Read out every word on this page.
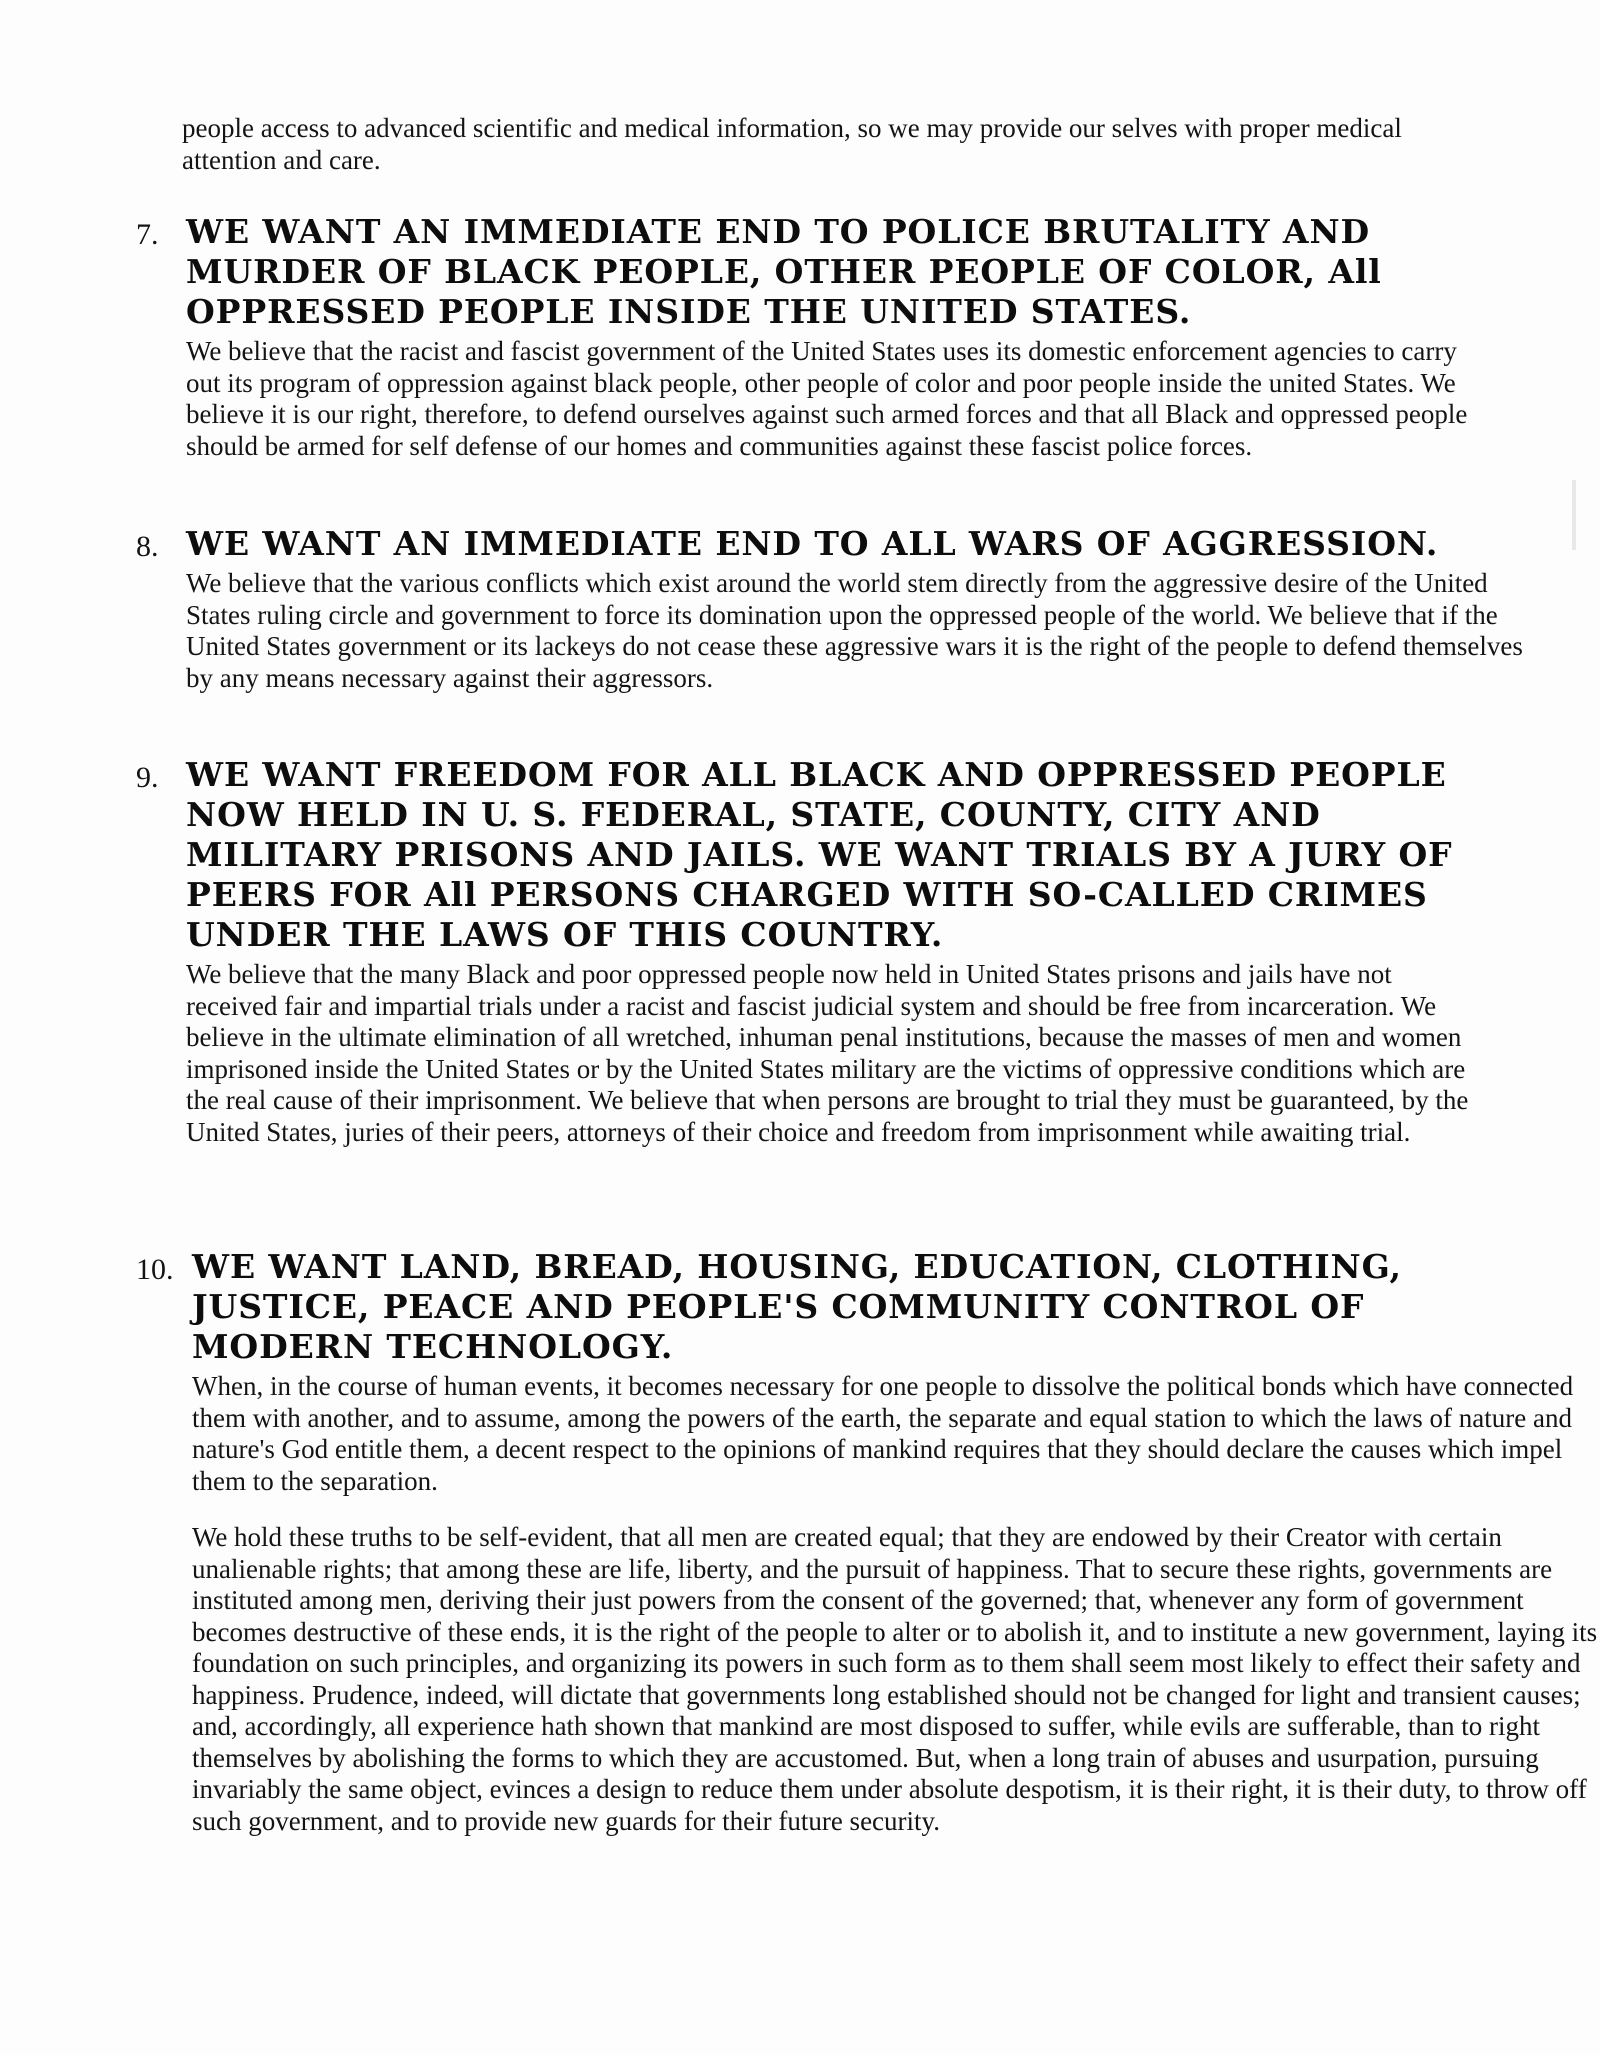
people access to advanced scientific and medical information, so we may provide our selves with proper medical attention and care.

7. WE WANT AN IMMEDIATE END TO POLICE BRUTALITY AND MURDER OF BLACK PEOPLE, OTHER PEOPLE OF COLOR, All OPPRESSED PEOPLE INSIDE THE UNITED STATES.

We believe that the racist and fascist government of the United States uses its domestic enforcement agencies to carry out its program of oppression against black people, other people of color and poor people inside the united States. We believe it is our right, therefore, to defend ourselves against such armed forces and that all Black and oppressed people should be armed for self defense of our homes and communities against these fascist police forces.

8. WE WANT AN IMMEDIATE END TO ALL WARS OF AGGRESSION.

We believe that the various conflicts which exist around the world stem directly from the aggressive desire of the United States ruling circle and government to force its domination upon the oppressed people of the world. We believe that if the United States government or its lackeys do not cease these aggressive wars it is the right of the people to defend themselves by any means necessary against their aggressors.

9. WE WANT FREEDOM FOR ALL BLACK AND OPPRESSED PEOPLE NOW HELD IN U. S. FEDERAL, STATE, COUNTY, CITY AND MILITARY PRISONS AND JAILS. WE WANT TRIALS BY A JURY OF PEERS FOR All PERSONS CHARGED WITH SO-CALLED CRIMES UNDER THE LAWS OF THIS COUNTRY.

We believe that the many Black and poor oppressed people now held in United States prisons and jails have not received fair and impartial trials under a racist and fascist judicial system and should be free from incarceration. We believe in the ultimate elimination of all wretched, inhuman penal institutions, because the masses of men and women imprisoned inside the United States or by the United States military are the victims of oppressive conditions which are the real cause of their imprisonment. We believe that when persons are brought to trial they must be guaranteed, by the United States, juries of their peers, attorneys of their choice and freedom from imprisonment while awaiting trial.

10. WE WANT LAND, BREAD, HOUSING, EDUCATION, CLOTHING, JUSTICE, PEACE AND PEOPLE'S COMMUNITY CONTROL OF MODERN TECHNOLOGY.

When, in the course of human events, it becomes necessary for one people to dissolve the political bonds which have connected them with another, and to assume, among the powers of the earth, the separate and equal station to which the laws of nature and nature's God entitle them, a decent respect to the opinions of mankind requires that they should declare the causes which impel them to the separation.

We hold these truths to be self-evident, that all men are created equal; that they are endowed by their Creator with certain unalienable rights; that among these are life, liberty, and the pursuit of happiness. That to secure these rights, governments are instituted among men, deriving their just powers from the consent of the governed; that, whenever any form of government becomes destructive of these ends, it is the right of the people to alter or to abolish it, and to institute a new government, laying its foundation on such principles, and organizing its powers in such form as to them shall seem most likely to effect their safety and happiness. Prudence, indeed, will dictate that governments long established should not be changed for light and transient causes; and, accordingly, all experience hath shown that mankind are most disposed to suffer, while evils are sufferable, than to right themselves by abolishing the forms to which they are accustomed. But, when a long train of abuses and usurpation, pursuing invariably the same object, evinces a design to reduce them under absolute despotism, it is their right, it is their duty, to throw off such government, and to provide new guards for their future security.
